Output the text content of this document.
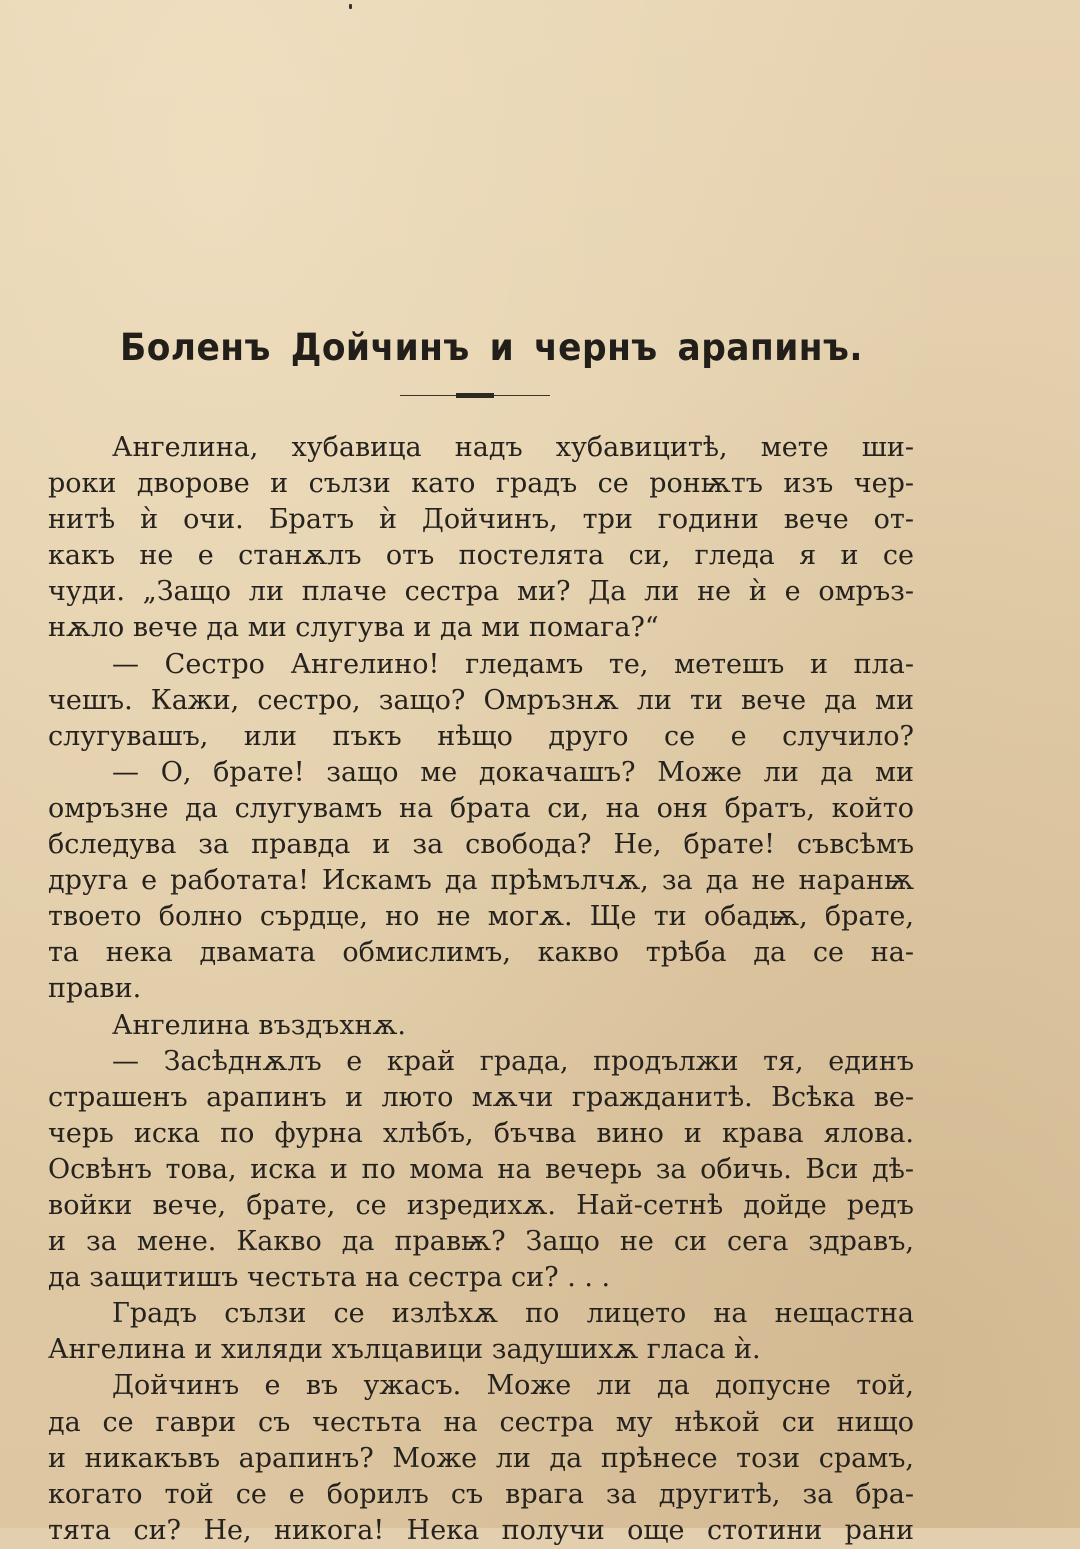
Боленъ Дойчинъ и чернъ арапинъ.
Ангелина, хубавица надъ хубавицитѣ, мете ши-
роки дворове и сълзи като градъ се ронѭтъ изъ чер-
нитѣ ѝ очи. Братъ ѝ Дойчинъ, три години вече от-
какъ не е станѫлъ отъ постелята си, гледа я и се
чуди. „Защо ли плаче сестра ми? Да ли не ѝ е омръз-
нѫло вече да ми слугува и да ми помага?“
— Сестро Ангелино! гледамъ те, метешъ и пла-
чешъ. Кажи, сестро, защо? Омръзнѫ ли ти вече да ми
слугувашъ, или пъкъ нѣщо друго се е случило?
— О, брате! защо ме докачашъ? Може ли да ми
омръзне да слугувамъ на брата си, на оня братъ, който
бcледува за правда и за свобода? Не, брате! съвсѣмъ
друга е работата! Искамъ да прѣмълчѫ, за да не наранѭ
твоето болно сърдце, но не могѫ. Ще ти обадѭ, брате,
та нека двамата обмислимъ, какво трѣба да се на-
прави.
Ангелина въздъхнѫ.
— Засѣднѫлъ е край града, продължи тя, единъ
страшенъ арапинъ и люто мѫчи гражданитѣ. Всѣка ве-
черь иска по фурна хлѣбъ, бъчва вино и крава ялова.
Освѣнъ това, иска и по мома на вечерь за обичь. Вси дѣ-
войки вече, брате, се изредихѫ. Най-сетнѣ дойде редъ
и за мене. Какво да правѭ? Защо не си сега здравъ,
да защитишъ честьта на сестра си? . . .
Градъ сълзи се излѣхѫ по лицето на нещастна
Ангелина и хиляди хълцавици задушихѫ гласа ѝ.
Дойчинъ е въ ужасъ. Може ли да допусне той,
да се гаври съ честьта на сестра му нѣкой си нищо
и никакъвъ арапинъ? Може ли да прѣнесе този срамъ,
когато той се е борилъ съ врага за другитѣ, за бра-
тята си? Не, никога! Нека получи още стотини рани
